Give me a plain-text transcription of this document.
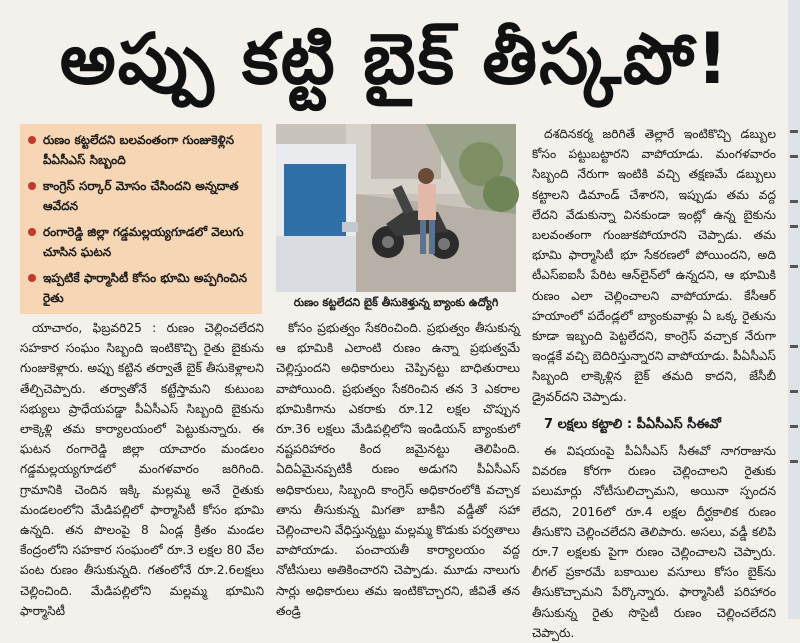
అప్పు కట్టి బైక్ తీస్కపో!
రుణం కట్టలేదని బలవంతంగా గుంజుకెళ్లిన పీఏసీఎస్ సిబ్బంది
కాంగ్రెస్ సర్కార్ మోసం చేసిందని అన్నదాత ఆవేదన
రంగారెడ్డి జిల్లా గడ్డమల్లయ్యగూడలో వెలుగు చూసిన ఘటన
ఇప్పటికే ఫార్మాసిటీ కోసం భూమి అప్పగించిన రైతు	రుణం కట్టలేదని బైక్ తీసుకెళ్తున్న బ్యాంకు ఉద్యోగి

యాచారం, ఫిబ్రవరి25 : రుణం చెల్లించలేదని సహకార సంఘం సిబ్బంది ఇంటికొచ్చి రైతు బైకును గుంజుకెళ్లారు. అప్పు కట్టిన తర్వాతే బైక్ తీసుకెళ్లాలని తేల్చిచెప్పారు. తర్వాతోనే కట్టేస్తామని కుటుంబ సభ్యులు ప్రాధేయపడ్డా పీఏసీఎస్ సిబ్బంది బైకును లాక్కెళ్లి తమ కార్యాలయంలో పెట్టుకున్నారు. ఈ ఘటన రంగారెడ్డి జిల్లా యాచారం మండలం గడ్డమల్లయ్యగూడలో మంగళవారం జరిగింది. గ్రామానికి చెందిన ఇక్కి మల్లమ్మ అనే రైతుకు మండలంలోని మేడిపల్లిలో ఫార్మాసిటీ కోసం భూమి ఉన్నది. తన పొలంపై 8 ఏండ్ల క్రితం మండల కేంద్రంలోని సహకార సంఘంలో రూ.3 లక్షల 80 వేల పంట రుణం తీసుకున్నది. గతంలోనే రూ.2.6లక్షలు చెల్లించింది. మేడిపల్లిలోని మల్లమ్మ భూమిని ఫార్మాసిటీ

కోసం ప్రభుత్వం సేకరించింది. ప్రభుత్వం తీసుకున్న ఆ భూమికి ఎలాంటి రుణం ఉన్నా ప్రభుత్వమే చెల్లిస్తుందని అధికారులు చెప్పినట్టు బాధితురాలు వాపోయింది. ప్రభుత్వం సేకరించిన తన 3 ఎకరాల భూమికిగాను ఎకరాకు రూ.12 లక్షల చొప్పున రూ.36 లక్షలు మేడిపల్లిలోని ఇండియన్ బ్యాంకులో నష్టపరిహారం కింద జమైనట్టు తెలిపింది. ఏదిఏమైనప్పటికీ రుణం అడుగని పీఏసీఎస్ అధికారులు, సిబ్బంది కాంగ్రెస్ అధికారంలోకి వచ్చాక తాను తీసుకున్న మిగతా బాకీని వడ్డీతో సహా చెల్లించాలని వేధిస్తున్నట్టు మల్లమ్మ కొడుకు పర్వతాలు వాపోయాడు. పంచాయతీ కార్యాలయం వద్ద నోటీసులు అతికించారని చెప్పాడు. మూడు నాలుగు సార్లు అధికారులు తమ ఇంటికొచ్చారని, జీవితే తన తండ్రి

దశదినకర్మ జరిగితే తెల్లారే ఇంటికొచ్చి డబ్బుల కోసం పట్టుబట్టారని వాపోయాడు. మంగళవారం సిబ్బంది నేరుగా ఇంటికి వచ్చి తక్షణమే డబ్బులు కట్టాలని డిమాండ్ చేశారని, ఇప్పుడు తమ వద్ద లేదని వేడుకున్నా వినకుండా ఇంట్లో ఉన్న బైకును బలవంతంగా గుంజుకపోయారని చెప్పాడు. తమ భూమి ఫార్మాసిటీ భూ సేకరణలో పోయిందని, అది టీఎస్ఐఐసీ పేరిట ఆన్‌లైన్‌లో ఉన్నదని, ఆ భూమికి రుణం ఎలా చెల్లించాలని వాపోయాడు. కేసీఆర్ హయాంలో పదేండ్లలో బ్యాంకువాళ్లు ఏ ఒక్క రైతును కూడా ఇబ్బంది పెట్టలేదని, కాంగ్రెస్ వచ్చాక నేరుగా ఇండ్లకే వచ్చి బెదిరిస్తున్నారని వాపోయాడు. పీఏసీఎస్ సిబ్బంది లాక్కెళ్లిన బైక్ తమది కాదని, జేసీబీ డ్రైవర్‌దని చెప్పాడు.

7 లక్షలు కట్టాలి : పీఏసీఎస్ సీఈవో

ఈ విషయంపై పీఏసీఎస్ సీఈవో నాగరాజును వివరణ కోరగా రుణం చెల్లించాలని రైతుకు పలుమార్లు నోటీసులిచ్చామని, అయినా స్పందన లేదని, 2016లో రూ.4 లక్షల దీర్ఘకాలిక రుణం తీసుకొని చెల్లించలేదని తెలిపారు. అసలు, వడ్డీ కలిపి రూ.7 లక్షలకు పైగా రుణం చెల్లించాలని చెప్పారు. లీగల్ ప్రకారమే బకాయిల వసూలు కోసం బైక్‌ను తీసుకొచ్చామని పేర్కొన్నారు. ఫార్మాసిటీ పరిహారం తీసుకున్న రైతు సొసైటీ రుణం చెల్లించలేదని చెప్పారు.
